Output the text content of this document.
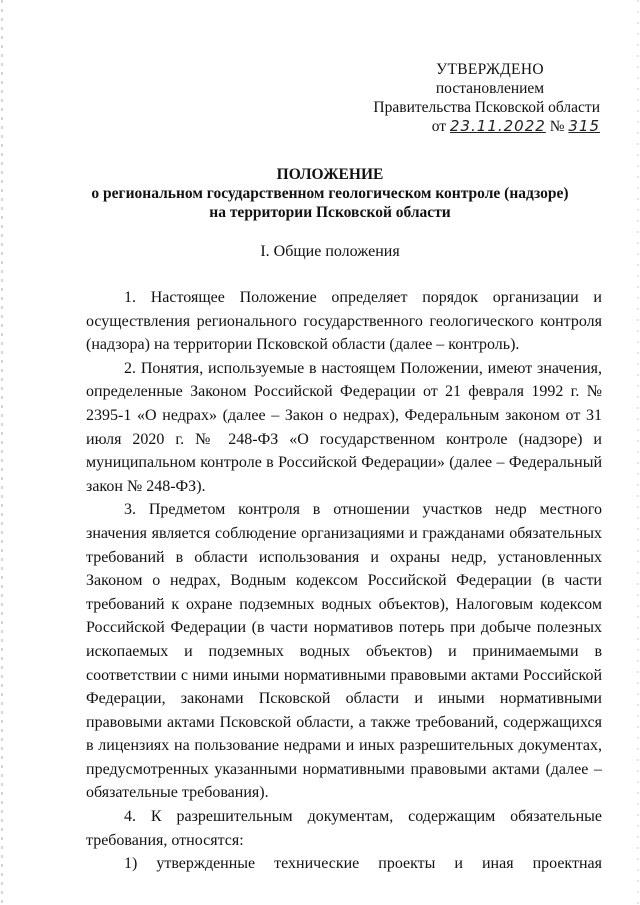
УТВЕРЖДЕНО
постановлением
Правительства Псковской области
от 23.11.2022 № 315
ПОЛОЖЕНИЕ
о региональном государственном геологическом контроле (надзоре)
на территории Псковской области
I. Общие положения

1. Настоящее Положение определяет порядок организации и осуществления регионального государственного геологического контроля (надзора) на территории Псковской области (далее – контроль).

2. Понятия, используемые в настоящем Положении, имеют значения, определенные Законом Российской Федерации от 21 февраля 1992 г. № 2395-1 «О недрах» (далее – Закон о недрах), Федеральным законом от 31 июля 2020 г. № 248-ФЗ «О государственном контроле (надзоре) и муниципальном контроле в Российской Федерации» (далее – Федеральный закон № 248-ФЗ).

3. Предметом контроля в отношении участков недр местного значения является соблюдение организациями и гражданами обязательных требований в области использования и охраны недр, установленных Законом о недрах, Водным кодексом Российской Федерации (в части требований к охране подземных водных объектов), Налоговым кодексом Российской Федерации (в части нормативов потерь при добыче полезных ископаемых и подземных водных объектов) и принимаемыми в соответствии с ними иными нормативными правовыми актами Российской Федерации, законами Псковской области и иными нормативными правовыми актами Псковской области, а также требований, содержащихся в лицензиях на пользование недрами и иных разрешительных документах, предусмотренных указанными нормативными правовыми актами (далее – обязательные требования).

4. К разрешительным документам, содержащим обязательные требования, относятся:

1) утвержденные технические проекты и иная проектная
